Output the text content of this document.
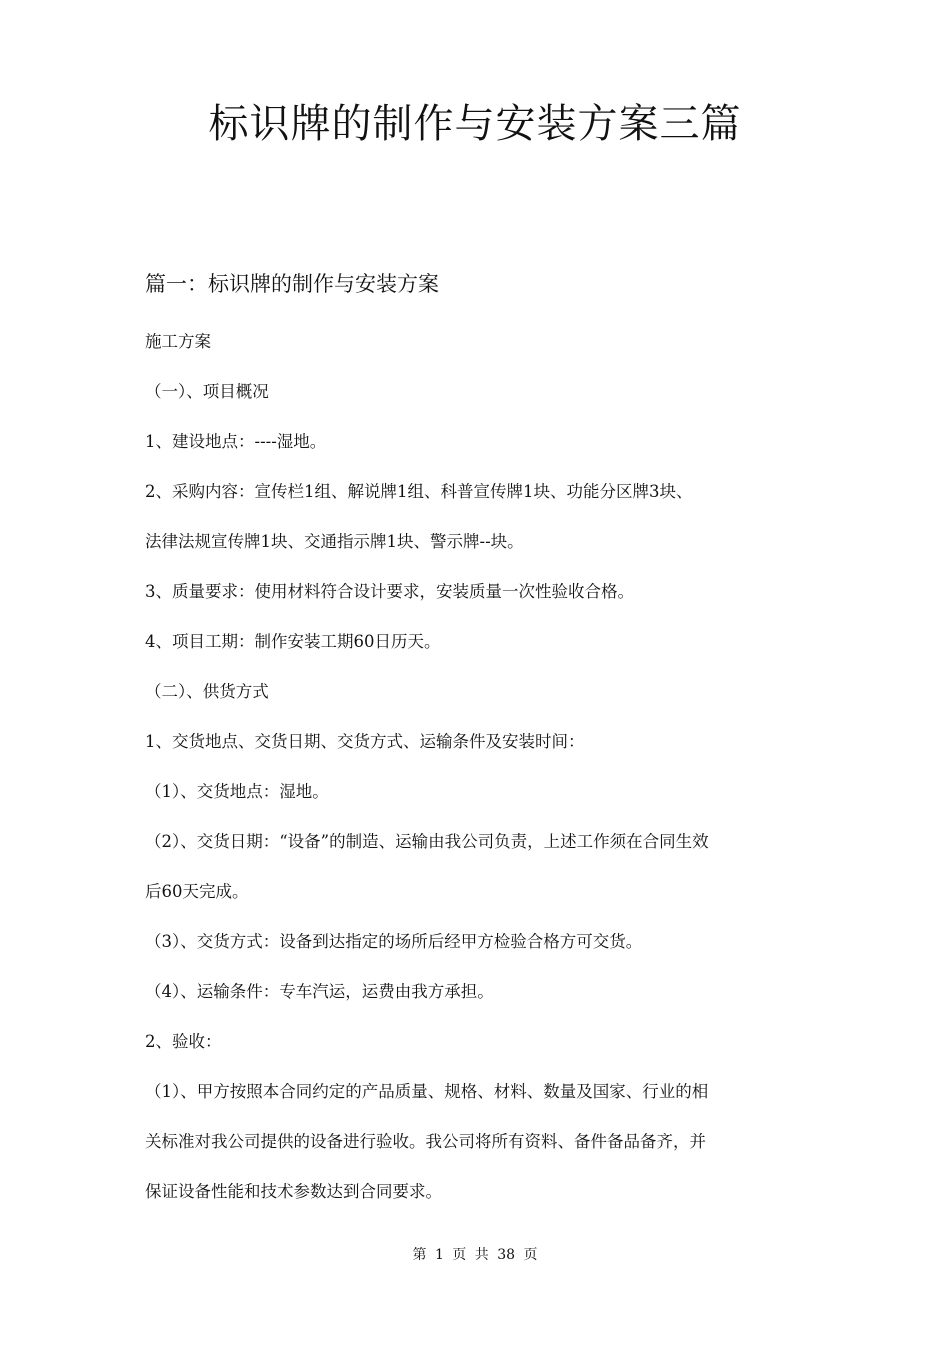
标识牌的制作与安装方案三篇
篇一：标识牌的制作与安装方案
施工方案
（一）、项目概况
1、建设地点：----湿地。
2、采购内容：宣传栏1组、解说牌1组、科普宣传牌1块、功能分区牌3块、
法律法规宣传牌1块、交通指示牌1块、警示牌--块。
3、质量要求：使用材料符合设计要求，安装质量一次性验收合格。
4、项目工期：制作安装工期60日历天。
（二）、供货方式
1、交货地点、交货日期、交货方式、运输条件及安装时间：
（1）、交货地点：湿地。
（2）、交货日期：“设备”的制造、运输由我公司负责，上述工作须在合同生效
后60天完成。
（3）、交货方式：设备到达指定的场所后经甲方检验合格方可交货。
（4）、运输条件：专车汽运，运费由我方承担。
2、验收：
（1）、甲方按照本合同约定的产品质量、规格、材料、数量及国家、行业的相
关标准对我公司提供的设备进行验收。我公司将所有资料、备件备品备齐，并
保证设备性能和技术参数达到合同要求。
第 1 页 共 38 页
